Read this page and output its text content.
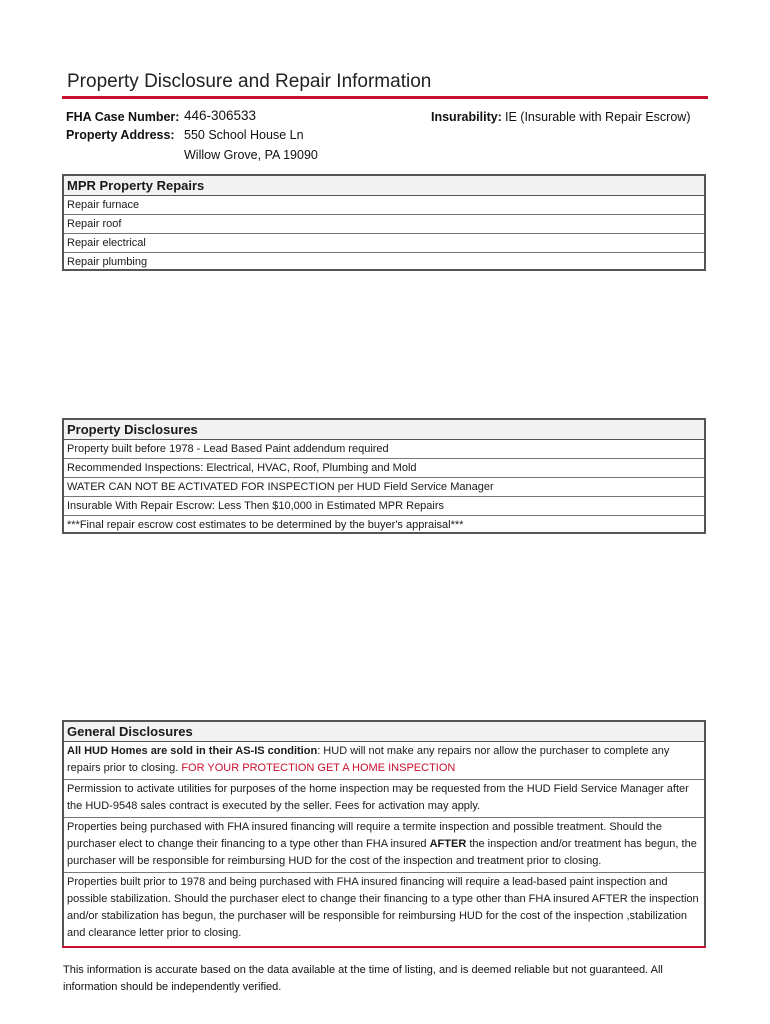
Property Disclosure and Repair Information
FHA Case Number: 446-306533
Property Address: 550 School House Ln
Willow Grove, PA 19090
Insurability: IE (Insurable with Repair Escrow)
MPR Property Repairs
Repair furnace
Repair roof
Repair electrical
Repair plumbing
Property Disclosures
Property built before 1978 - Lead Based Paint addendum required
Recommended Inspections: Electrical, HVAC, Roof, Plumbing and Mold
WATER CAN NOT BE ACTIVATED FOR INSPECTION per HUD Field Service Manager
Insurable With Repair Escrow: Less Then $10,000 in Estimated MPR Repairs
***Final repair escrow cost estimates to be determined by the buyer's appraisal***
General Disclosures
All HUD Homes are sold in their AS-IS condition: HUD will not make any repairs nor allow the purchaser to complete any repairs prior to closing. FOR YOUR PROTECTION GET A HOME INSPECTION
Permission to activate utilities for purposes of the home inspection may be requested from the HUD Field Service Manager after the HUD-9548 sales contract is executed by the seller. Fees for activation may apply.
Properties being purchased with FHA insured financing will require a termite inspection and possible treatment. Should the purchaser elect to change their financing to a type other than FHA insured AFTER the inspection and/or treatment has begun, the purchaser will be responsible for reimbursing HUD for the cost of the inspection and treatment prior to closing.
Properties built prior to 1978 and being purchased with FHA insured financing will require a lead-based paint inspection and possible stabilization. Should the purchaser elect to change their financing to a type other than FHA insured AFTER the inspection and/or stabilization has begun, the purchaser will be responsible for reimbursing HUD for the cost of the inspection ,stabilization and clearance letter prior to closing.
This information is accurate based on the data available at the time of listing, and is deemed reliable but not guaranteed. All information should be independently verified.
